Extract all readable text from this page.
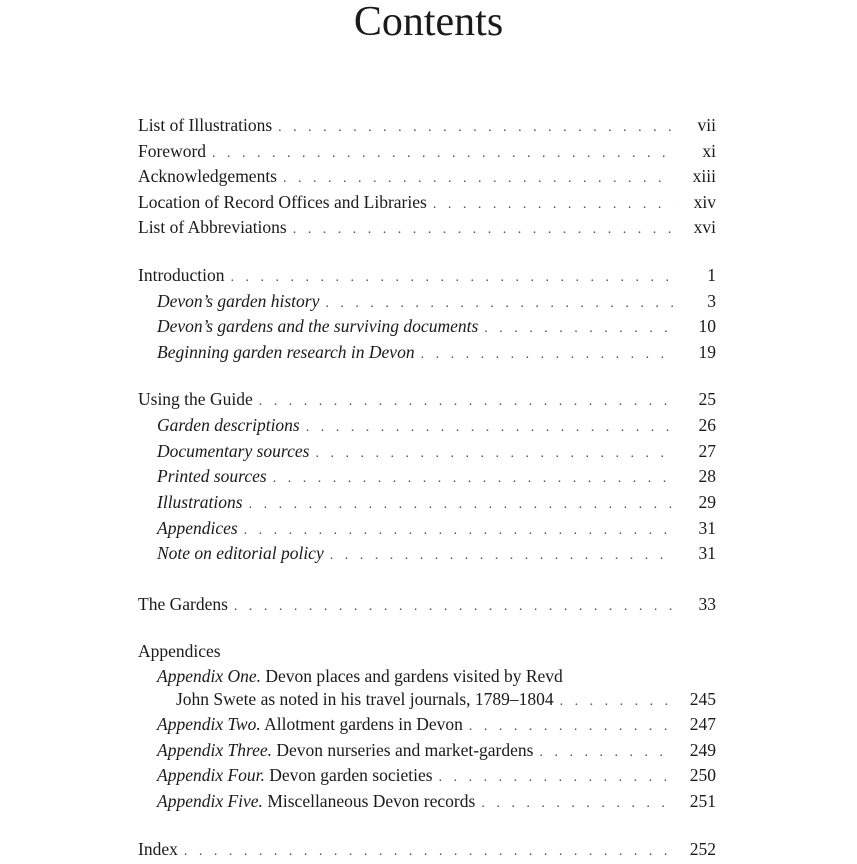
Contents
List of Illustrations . . .	vii
Foreword . . .	xi
Acknowledgements . . .	xiii
Location of Record Offices and Libraries . . .	xiv
List of Abbreviations . . .	xvi
Introduction . . .	1
Devon’s garden history . . .	3
Devon’s gardens and the surviving documents . . .	10
Beginning garden research in Devon . . .	19
Using the Guide . . .	25
Garden descriptions . . .	26
Documentary sources . . .	27
Printed sources . . .	28
Illustrations . . .	29
Appendices . . .	31
Note on editorial policy . . .	31
The Gardens . . .	33
Appendices
Appendix One. Devon places and gardens visited by Revd
John Swete as noted in his travel journals, 1789–1804 . . .	245
Appendix Two. Allotment gardens in Devon . . .	247
Appendix Three. Devon nurseries and market-gardens . . .	249
Appendix Four. Devon garden societies . . .	250
Appendix Five. Miscellaneous Devon records . . .	251
Index . . .	252
